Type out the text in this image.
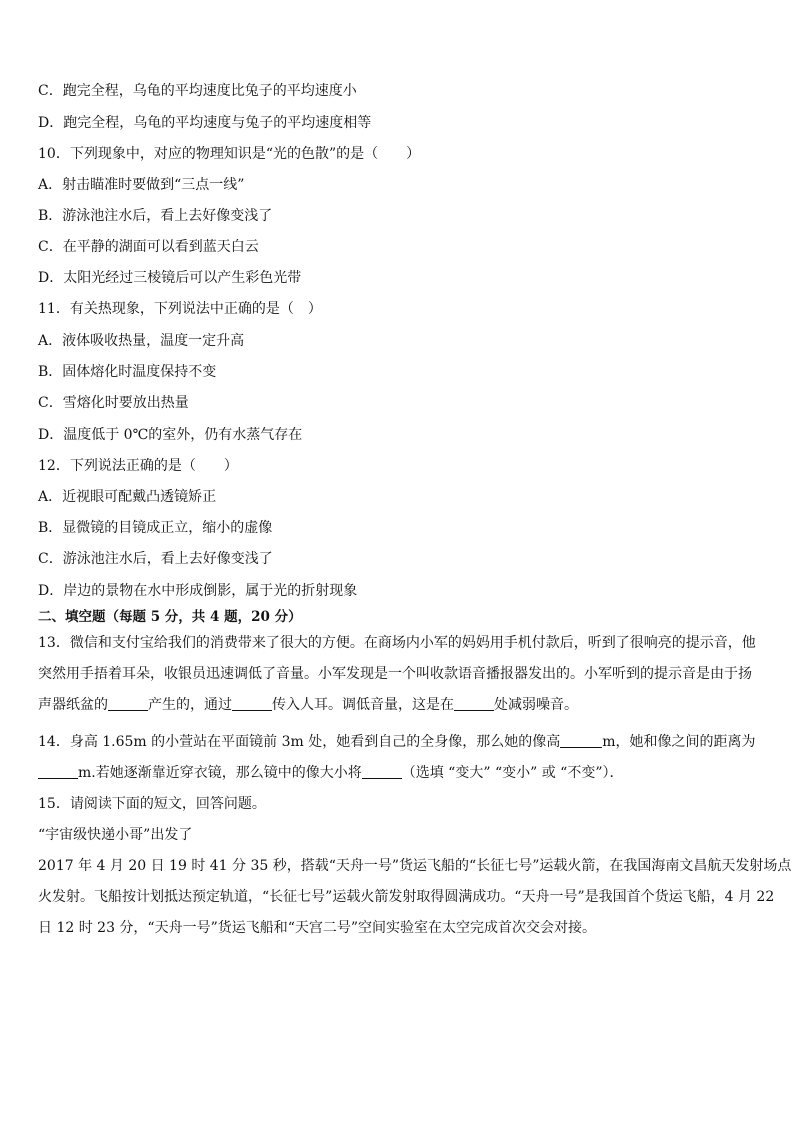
C．跑完全程，乌龟的平均速度比兔子的平均速度小
D．跑完全程，乌龟的平均速度与兔子的平均速度相等
10．下列现象中，对应的物理知识是“光的色散”的是（　　）
A．射击瞄准时要做到“三点一线”
B．游泳池注水后，看上去好像变浅了
C．在平静的湖面可以看到蓝天白云
D．太阳光经过三棱镜后可以产生彩色光带
11．有关热现象，下列说法中正确的是（　）
A．液体吸收热量，温度一定升高
B．固体熔化时温度保持不变
C．雪熔化时要放出热量
D．温度低于 0℃的室外，仍有水蒸气存在
12．下列说法正确的是（　　）
A．近视眼可配戴凸透镜矫正
B．显微镜的目镜成正立，缩小的虚像
C．游泳池注水后，看上去好像变浅了
D．岸边的景物在水中形成倒影，属于光的折射现象
二、填空题（每题 5 分，共 4 题，20 分）
13．微信和支付宝给我们的消费带来了很大的方便。在商场内小军的妈妈用手机付款后，听到了很响亮的提示音，他
突然用手捂着耳朵，收银员迅速调低了音量。小军发现是一个叫收款语音播报器发出的。小军听到的提示音是由于扬
声器纸盆的	产生的，通过	传入人耳。调低音量，这是在	处减弱噪音。
14．身高 1.65m 的小萱站在平面镜前 3m 处，她看到自己的全身像，那么她的像高	m，她和像之间的距离为
m.若她逐渐靠近穿衣镜，那么镜中的像大小将	（选填 “变大” “变小” 或 “不变”）．
15．请阅读下面的短文，回答问题。
“宇宙级快递小哥”出发了
2017 年 4 月 20 日 19 时 41 分 35 秒，搭载“天舟一号”货运飞船的“长征七号”运载火箭，在我国海南文昌航天发射场点
火发射。飞船按计划抵达预定轨道，“长征七号”运载火箭发射取得圆满成功。“天舟一号”是我国首个货运飞船，4 月 22
日 12 时 23 分，“天舟一号”货运飞船和“天宫二号”空间实验室在太空完成首次交会对接。
